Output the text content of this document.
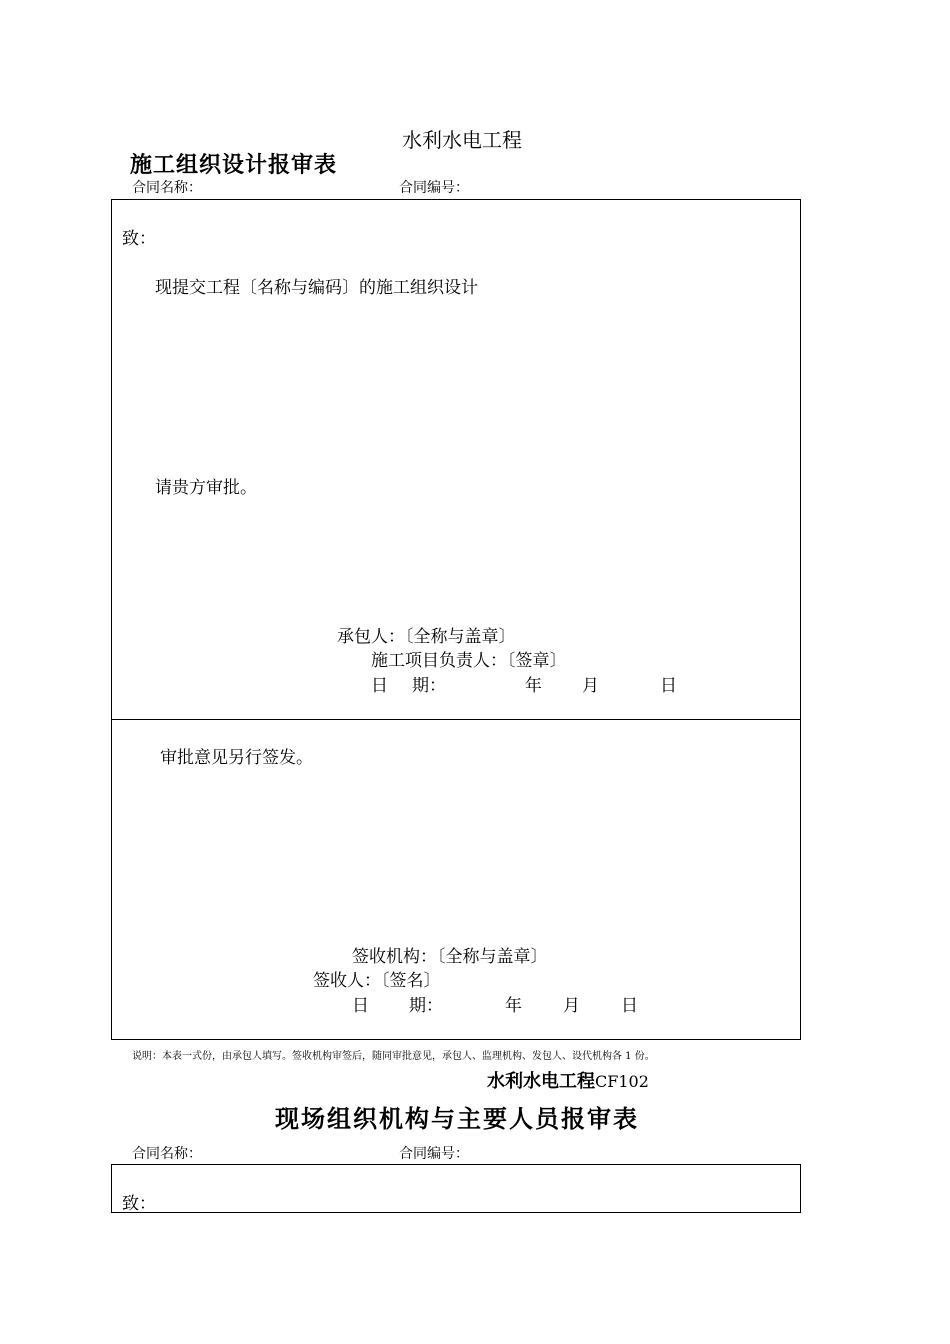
水利水电工程
施工组织设计报审表
合同名称：	合同编号：
致：
现提交工程〔名称与编码〕的施工组织设计
请贵方审批。
承包人：〔全称与盖章〕
施工项目负责人：〔签章〕
日 期：	年 月	日
审批意见另行签发。
签收机构：〔全称与盖章〕
签收人：〔签名〕
日 期：	年 月 日
说明：本表一式份，由承包人填写。签收机构审签后，随同审批意见，承包人、监理机构、发包人、设代机构各 1 份。
水利水电工程CF102
现场组织机构与主要人员报审表
合同名称：	合同编号：
致：
